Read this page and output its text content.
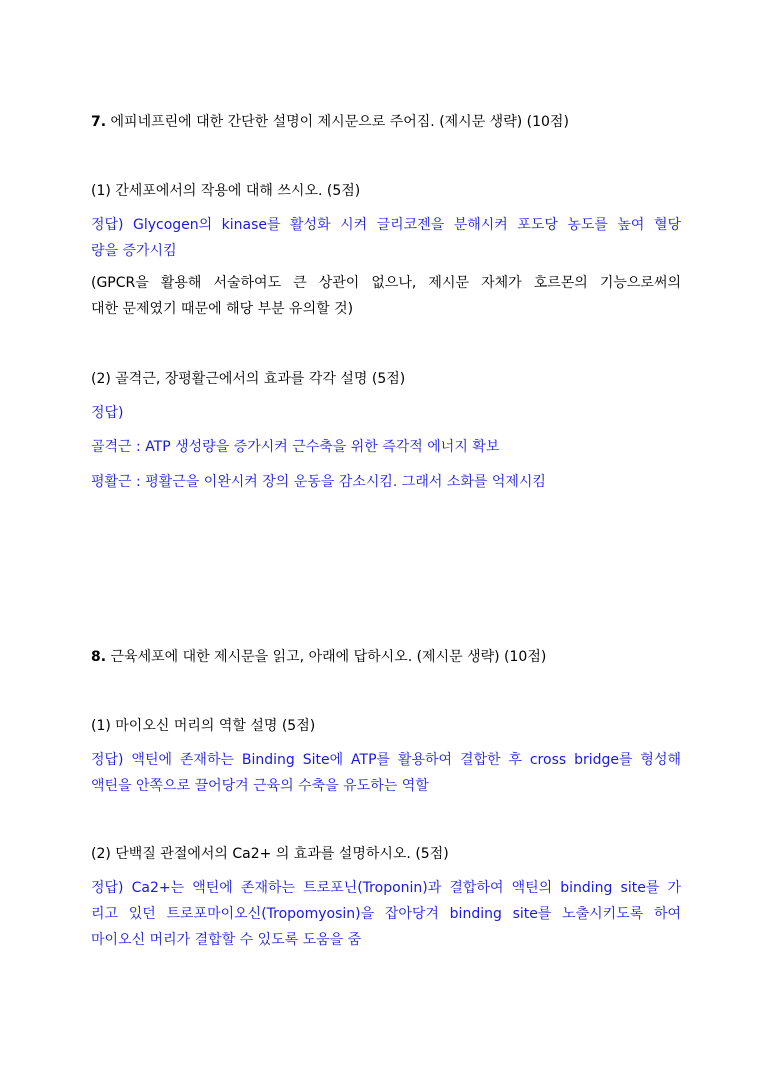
7. 에피네프린에 대한 간단한 설명이 제시문으로 주어짐. (제시문 생략) (10점)
(1) 간세포에서의 작용에 대해 쓰시오. (5점)
정답) Glycogen의 kinase를 활성화 시켜 글리코젠을 분해시켜 포도당 농도를 높여 혈당
량을 증가시킴
(GPCR을 활용해 서술하여도 큰 상관이 없으나, 제시문 자체가 호르몬의 기능으로써의
대한 문제였기 때문에 해당 부분 유의할 것)
(2) 골격근, 장평활근에서의 효과를 각각 설명 (5점)
정답)
골격근 : ATP 생성량을 증가시켜 근수축을 위한 즉각적 에너지 확보
평활근 : 평활근을 이완시켜 장의 운동을 감소시킴. 그래서 소화를 억제시킴
8. 근육세포에 대한 제시문을 읽고, 아래에 답하시오. (제시문 생략) (10점)
(1) 마이오신 머리의 역할 설명 (5점)
정답) 액틴에 존재하는 Binding Site에 ATP를 활용하여 결합한 후 cross bridge를 형성해
액틴을 안쪽으로 끌어당겨 근육의 수축을 유도하는 역할
(2) 단백질 관절에서의 Ca2+ 의 효과를 설명하시오. (5점)
정답) Ca2+는 액틴에 존재하는 트로포닌(Troponin)과 결합하여 액틴의 binding site를 가
리고 있던 트로포마이오신(Tropomyosin)을 잡아당겨 binding site를 노출시키도록 하여
마이오신 머리가 결합할 수 있도록 도움을 줌
